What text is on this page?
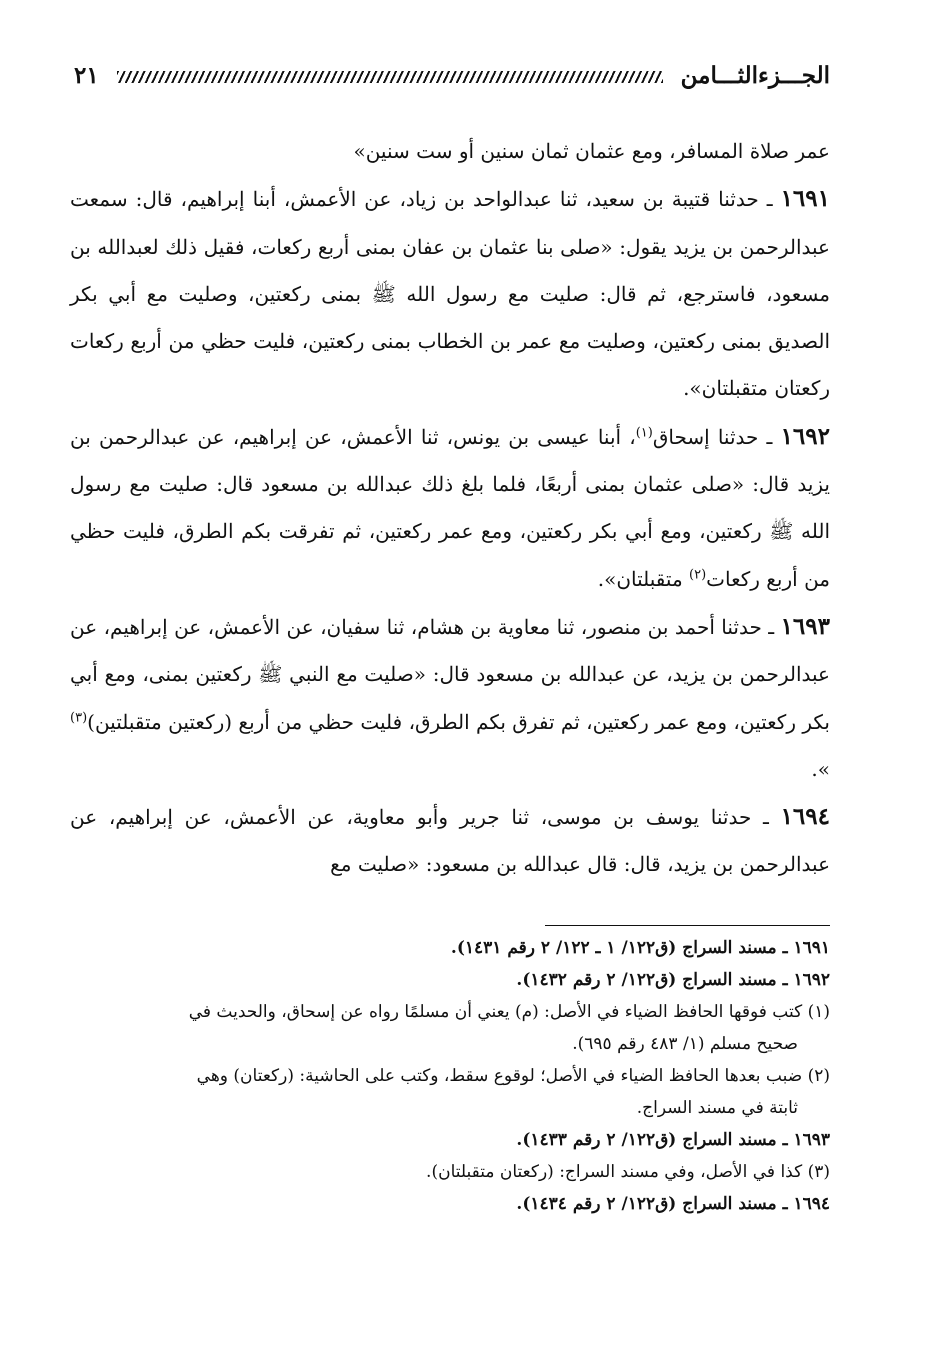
الجـــزءالثـــامن
٢١

عمر صلاة المسافر، ومع عثمان ثمان سنين أو ست سنين»

١٦٩١ ـ حدثنا قتيبة بن سعيد، ثنا عبدالواحد بن زياد، عن الأعمش، أبنا إبراهيم، قال: سمعت عبدالرحمن بن يزيد يقول: «صلى بنا عثمان بن عفان بمنى أربع ركعات، فقيل ذلك لعبدالله بن مسعود، فاسترجع، ثم قال: صليت مع رسول الله ﷺ بمنى ركعتين، وصليت مع أبي بكر الصديق بمنى ركعتين، وصليت مع عمر بن الخطاب بمنى ركعتين، فليت حظي من أربع ركعات ركعتان متقبلتان».

١٦٩٢ ـ حدثنا إسحاق$^{(١)}$، أبنا عيسى بن يونس، ثنا الأعمش، عن إبراهيم، عن عبدالرحمن بن يزيد قال: «صلى عثمان بمنى أربعًا، فلما بلغ ذلك عبدالله بن مسعود قال: صليت مع رسول الله ﷺ ركعتين، ومع أبي بكر ركعتين، ومع عمر ركعتين، ثم تفرقت بكم الطرق، فليت حظي من أربع ركعات$^{(٢)}$ متقبلتان».

١٦٩٣ ـ حدثنا أحمد بن منصور، ثنا معاوية بن هشام، ثنا سفيان، عن الأعمش، عن إبراهيم، عن عبدالرحمن بن يزيد، عن عبدالله بن مسعود قال: «صليت مع النبي ﷺ ركعتين بمنى، ومع أبي بكر ركعتين، ومع عمر ركعتين، ثم تفرق بكم الطرق، فليت حظي من أربع (ركعتين متقبلتين)$^{(٣)}$ ».

١٦٩٤ ـ حدثنا يوسف بن موسى، ثنا جرير وأبو معاوية، عن الأعمش، عن إبراهيم، عن عبدالرحمن بن يزيد، قال: قال عبدالله بن مسعود: «صليت مع

١٦٩١ ـ مسند السراج (ق١٢٢/ ١ ـ ١٢٢/ ٢ رقم ١٤٣١).
١٦٩٢ ـ مسند السراج (ق١٢٢/ ٢ رقم ١٤٣٢).
(١) كتب فوقها الحافظ الضياء في الأصل: (م) يعني أن مسلمًا رواه عن إسحاق، والحديث في
صحيح مسلم (١/ ٤٨٣ رقم ٦٩٥).
(٢) ضبب بعدها الحافظ الضياء في الأصل؛ لوقوع سقط، وكتب على الحاشية: (ركعتان) وهي
ثابتة في مسند السراج.
١٦٩٣ ـ مسند السراج (ق١٢٢/ ٢ رقم ١٤٣٣).
(٣) كذا في الأصل، وفي مسند السراج: (ركعتان متقبلتان).
١٦٩٤ ـ مسند السراج (ق١٢٢/ ٢ رقم ١٤٣٤).
